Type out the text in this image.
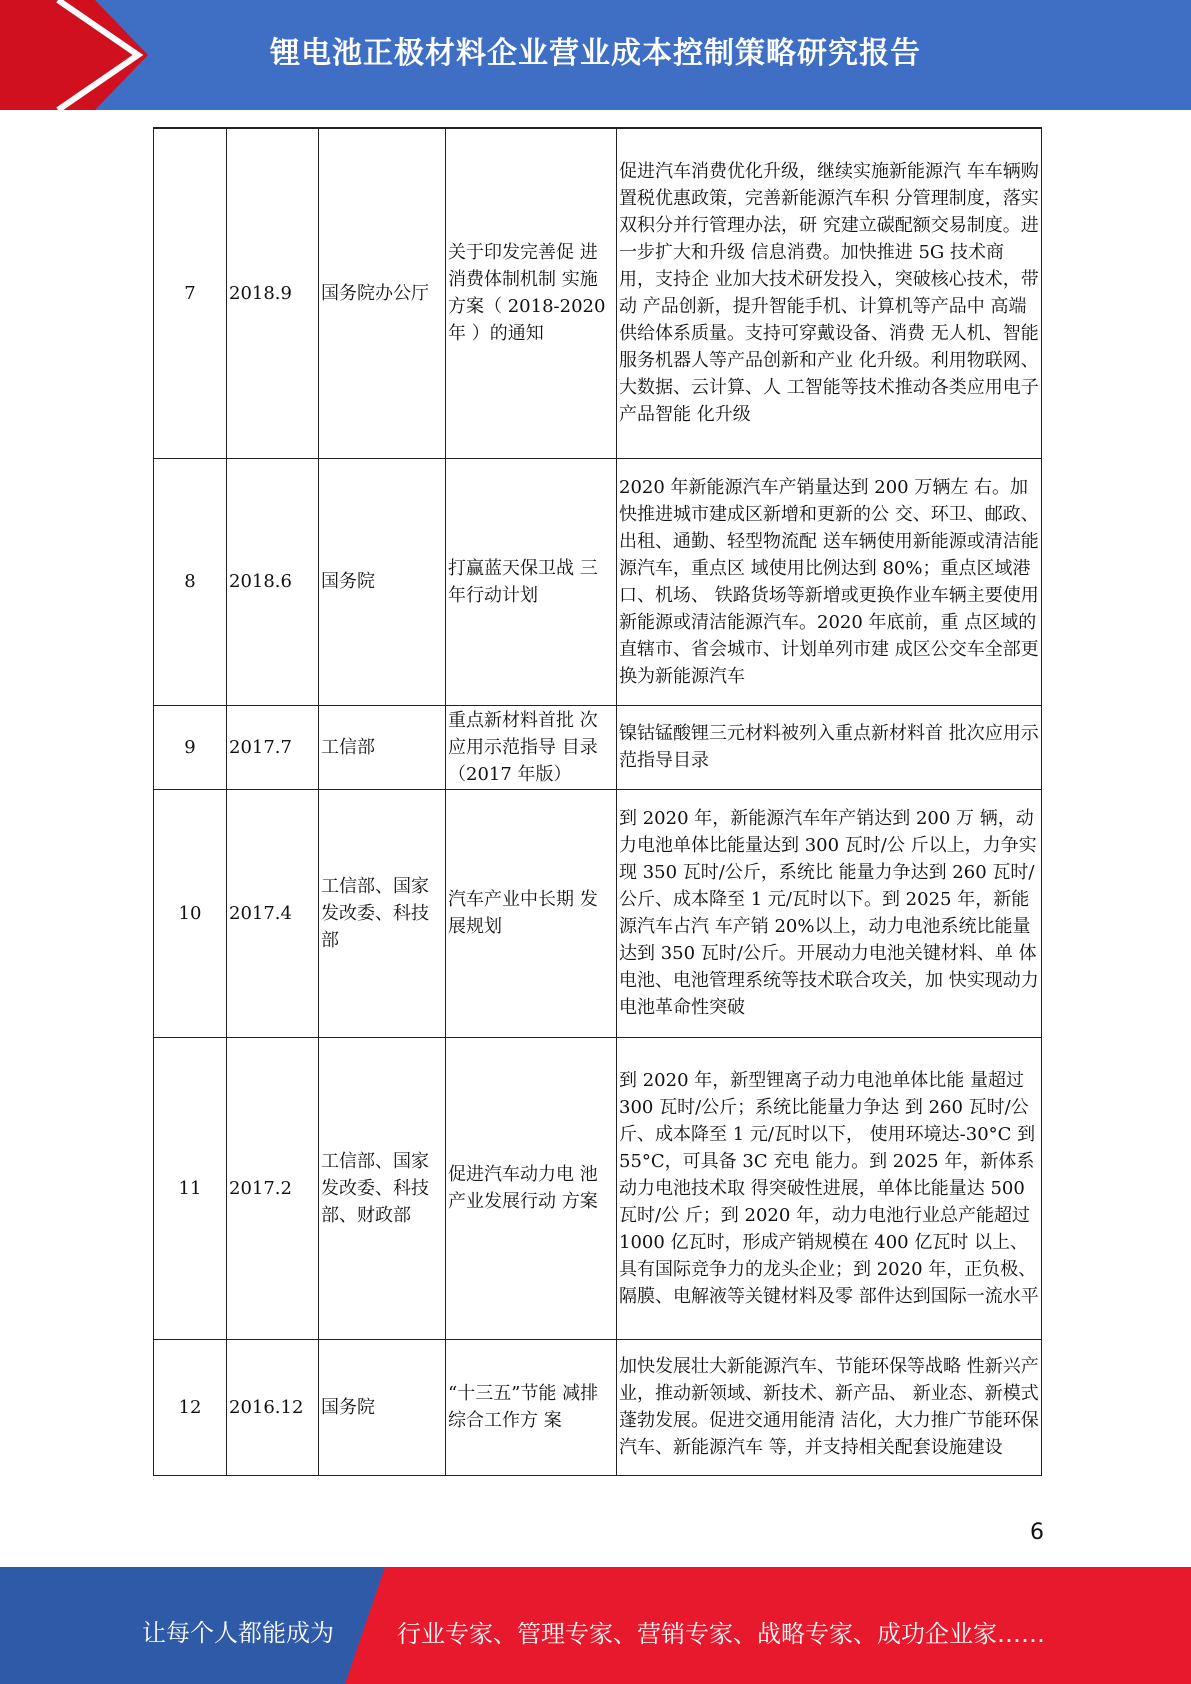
锂电池正极材料企业营业成本控制策略研究报告
7	2018.9	国务院办公厅	关于印发完善促 进消费体制机制 实施方案（ 2018-2020 年 ）的通知	促进汽车消费优化升级，继续实施新能源汽 车车辆购置税优惠政策，完善新能源汽车积 分管理制度，落实双积分并行管理办法，研 究建立碳配额交易制度。进一步扩大和升级 信息消费。加快推进 5G 技术商用，支持企 业加大技术研发投入，突破核心技术，带动 产品创新，提升智能手机、计算机等产品中 高端供给体系质量。支持可穿戴设备、消费 无人机、智能服务机器人等产品创新和产业 化升级。利用物联网、大数据、云计算、人 工智能等技术推动各类应用电子产品智能 化升级
8	2018.6	国务院	打赢蓝天保卫战 三年行动计划	2020 年新能源汽车产销量达到 200 万辆左 右。加快推进城市建成区新增和更新的公 交、环卫、邮政、出租、通勤、轻型物流配 送车辆使用新能源或清洁能源汽车，重点区 域使用比例达到 80%；重点区域港口、机场、 铁路货场等新增或更换作业车辆主要使用 新能源或清洁能源汽车。2020 年底前，重 点区域的直辖市、省会城市、计划单列市建 成区公交车全部更换为新能源汽车
9	2017.7	工信部	重点新材料首批 次应用示范指导 目录（2017 年版）	镍钴锰酸锂三元材料被列入重点新材料首 批次应用示范指导目录
10	2017.4	工信部、国家发改委、科技部	汽车产业中长期 发展规划	到 2020 年，新能源汽车年产销达到 200 万 辆，动力电池单体比能量达到 300 瓦时/公 斤以上，力争实现 350 瓦时/公斤，系统比 能量力争达到 260 瓦时/公斤、成本降至 1 元/瓦时以下。到 2025 年，新能源汽车占汽 车产销 20%以上，动力电池系统比能量达到 350 瓦时/公斤。开展动力电池关键材料、单 体电池、电池管理系统等技术联合攻关，加 快实现动力电池革命性突破
11	2017.2	工信部、国家发改委、科技部、财政部	促进汽车动力电 池产业发展行动 方案	到 2020 年，新型锂离子动力电池单体比能 量超过 300 瓦时/公斤；系统比能量力争达 到 260 瓦时/公斤、成本降至 1 元/瓦时以下， 使用环境达-30°C 到 55°C，可具备 3C 充电 能力。到 2025 年，新体系动力电池技术取 得突破性进展，单体比能量达 500 瓦时/公 斤；到 2020 年，动力电池行业总产能超过 1000 亿瓦时，形成产销规模在 400 亿瓦时 以上、具有国际竞争力的龙头企业；到 2020 年，正负极、隔膜、电解液等关键材料及零 部件达到国际一流水平
12	2016.12	国务院	“十三五”节能 减排综合工作方 案	加快发展壮大新能源汽车、节能环保等战略 性新兴产业，推动新领域、新技术、新产品、 新业态、新模式蓬勃发展。促进交通用能清 洁化，大力推广节能环保汽车、新能源汽车 等，并支持相关配套设施建设
6
让每个人都能成为	行业专家、管理专家、营销专家、战略专家、成功企业家……
